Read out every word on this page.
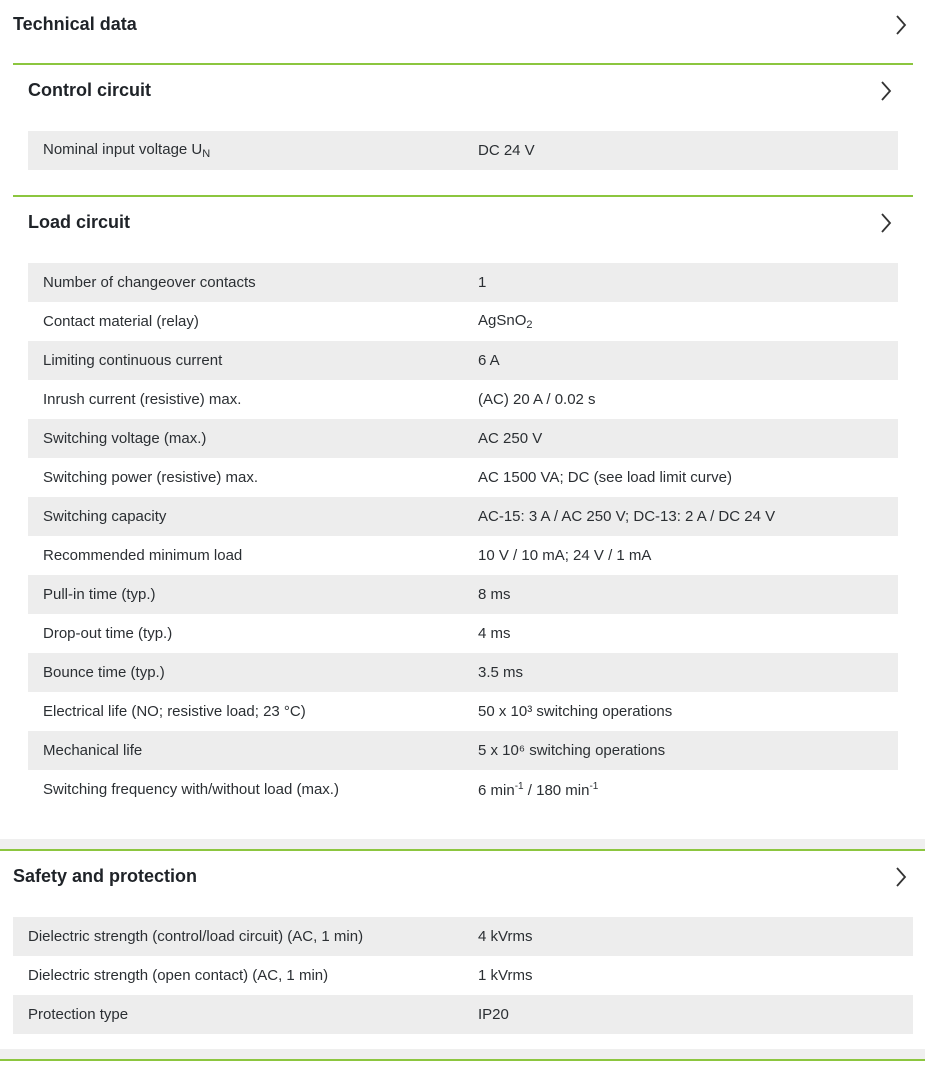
Technical data
Control circuit
Nominal input voltage $U_N$	DC 24 V
Load circuit
Number of changeover contacts	1
Contact material (relay)	AgSnO$_2$
Limiting continuous current	6 A
Inrush current (resistive) max.	(AC) 20 A / 0.02 s
Switching voltage (max.)	AC 250 V
Switching power (resistive) max.	AC 1500 VA; DC (see load limit curve)
Switching capacity	AC-15: 3 A / AC 250 V; DC-13: 2 A / DC 24 V
Recommended minimum load	10 V / 10 mA; 24 V / 1 mA
Pull-in time (typ.)	8 ms
Drop-out time (typ.)	4 ms
Bounce time (typ.)	3.5 ms
Electrical life (NO; resistive load; 23 °C)	50 x 10³ switching operations
Mechanical life	5 x 10⁶ switching operations
Switching frequency with/without load (max.)	6 $\min^{-1} / 180$ $\min^{-1}$
Safety and protection
Dielectric strength (control/load circuit) (AC, 1 min)	4 kVrms
Dielectric strength (open contact) (AC, 1 min)	1 kVrms
Protection type	IP20
